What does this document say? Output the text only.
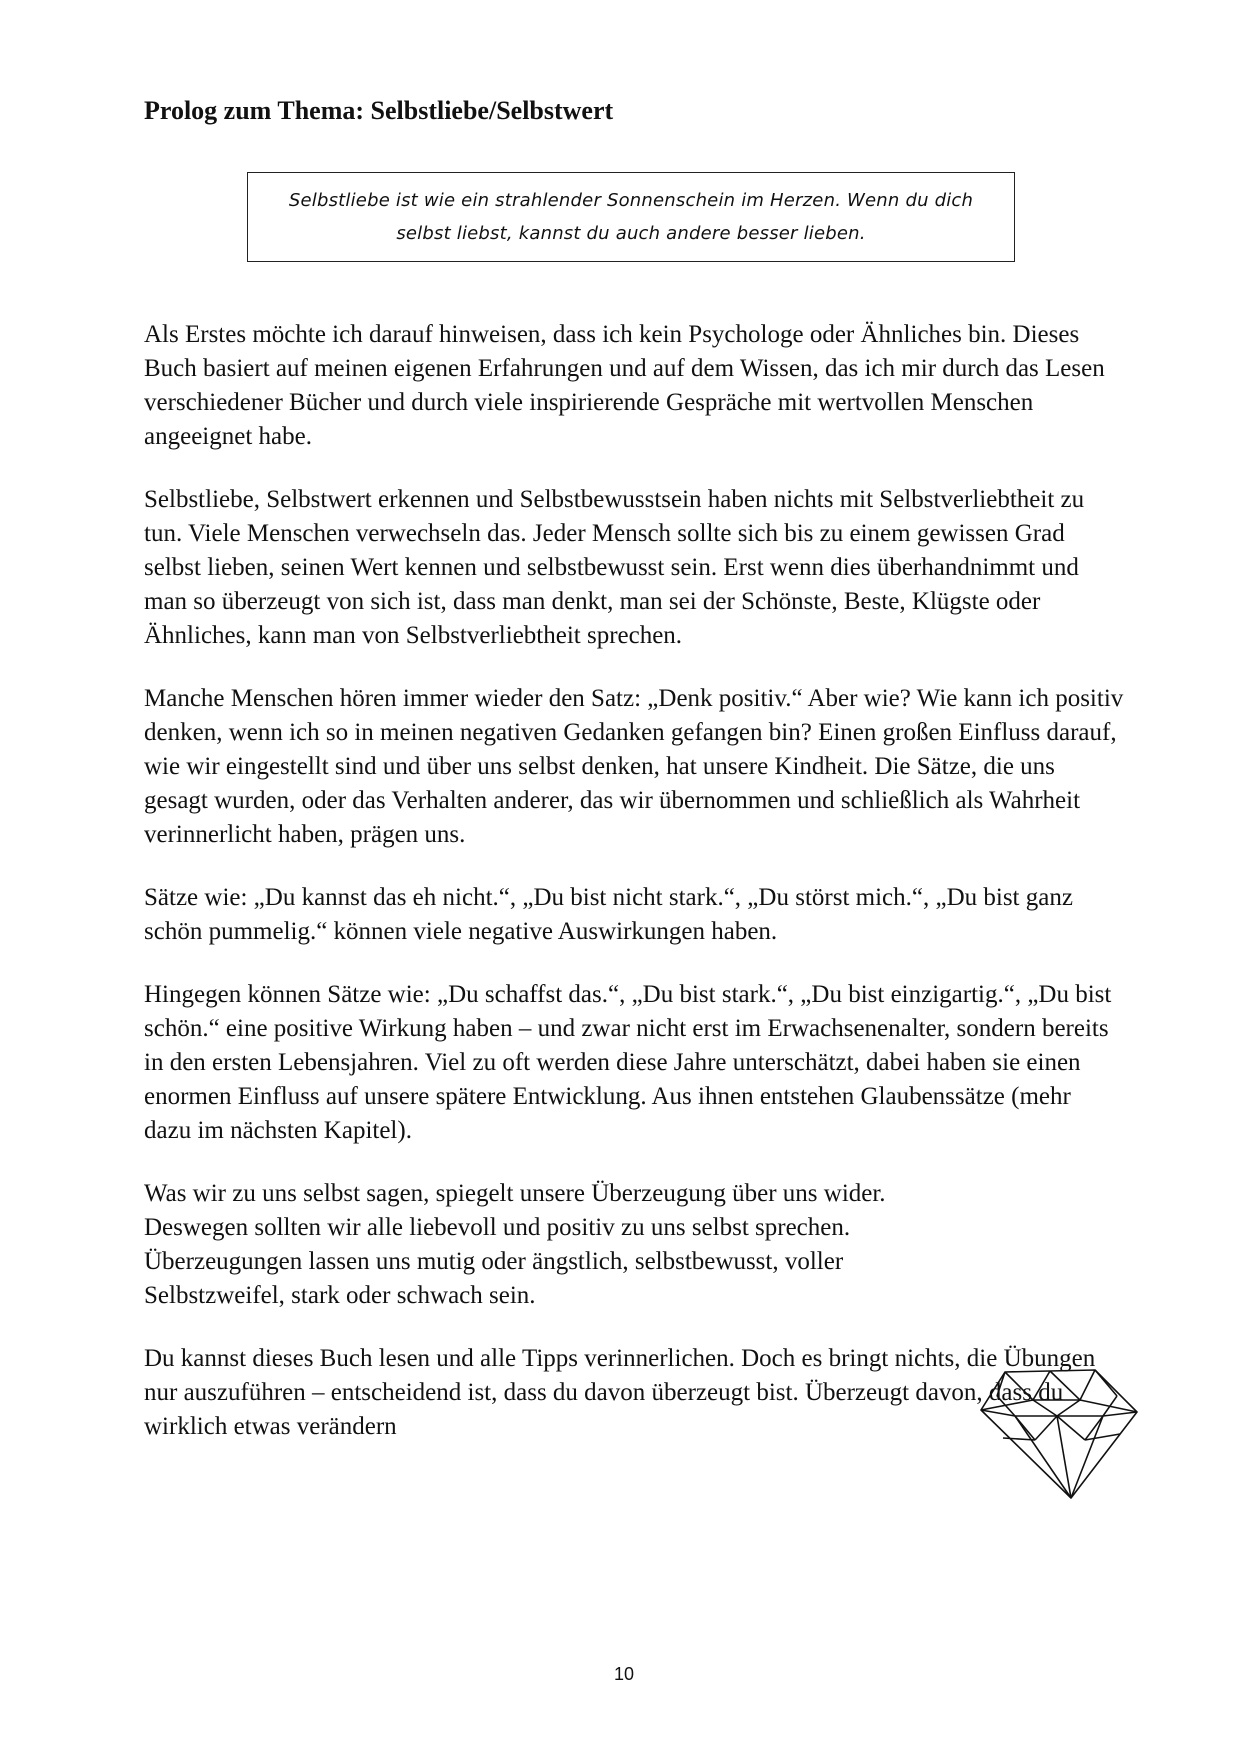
Prolog zum Thema: Selbstliebe/Selbstwert

Selbstliebe ist wie ein strahlender Sonnenschein im Herzen. Wenn du dich selbst liebst, kannst du auch andere besser lieben.

Als Erstes möchte ich darauf hinweisen, dass ich kein Psychologe oder Ähnliches bin. Dieses Buch basiert auf meinen eigenen Erfahrungen und auf dem Wissen, das ich mir durch das Lesen verschiedener Bücher und durch viele inspirierende Gespräche mit wertvollen Menschen angeeignet habe.

Selbstliebe, Selbstwert erkennen und Selbstbewusstsein haben nichts mit Selbstverliebtheit zu tun. Viele Menschen verwechseln das. Jeder Mensch sollte sich bis zu einem gewissen Grad selbst lieben, seinen Wert kennen und selbstbewusst sein. Erst wenn dies überhandnimmt und man so überzeugt von sich ist, dass man denkt, man sei der Schönste, Beste, Klügste oder Ähnliches, kann man von Selbstverliebtheit sprechen.

Manche Menschen hören immer wieder den Satz: „Denk positiv.“ Aber wie? Wie kann ich positiv denken, wenn ich so in meinen negativen Gedanken gefangen bin? Einen großen Einfluss darauf, wie wir eingestellt sind und über uns selbst denken, hat unsere Kindheit. Die Sätze, die uns gesagt wurden, oder das Verhalten anderer, das wir übernommen und schließlich als Wahrheit verinnerlicht haben, prägen uns.

Sätze wie: „Du kannst das eh nicht.“, „Du bist nicht stark.“, „Du störst mich.“, „Du bist ganz schön pummelig.“ können viele negative Auswirkungen haben.

Hingegen können Sätze wie: „Du schaffst das.“, „Du bist stark.“, „Du bist einzigartig.“, „Du bist schön.“ eine positive Wirkung haben – und zwar nicht erst im Erwachsenenalter, sondern bereits in den ersten Lebensjahren. Viel zu oft werden diese Jahre unterschätzt, dabei haben sie einen enormen Einfluss auf unsere spätere Entwicklung. Aus ihnen entstehen Glaubenssätze (mehr dazu im nächsten Kapitel).

Was wir zu uns selbst sagen, spiegelt unsere Überzeugung über uns wider. Deswegen sollten wir alle liebevoll und positiv zu uns selbst sprechen. Überzeugungen lassen uns mutig oder ängstlich, selbstbewusst, voller Selbstzweifel, stark oder schwach sein.

Du kannst dieses Buch lesen und alle Tipps verinnerlichen. Doch es bringt nichts, die Übungen nur auszuführen – entscheidend ist, dass du davon überzeugt bist. Überzeugt davon, dass du wirklich etwas verändern

10
